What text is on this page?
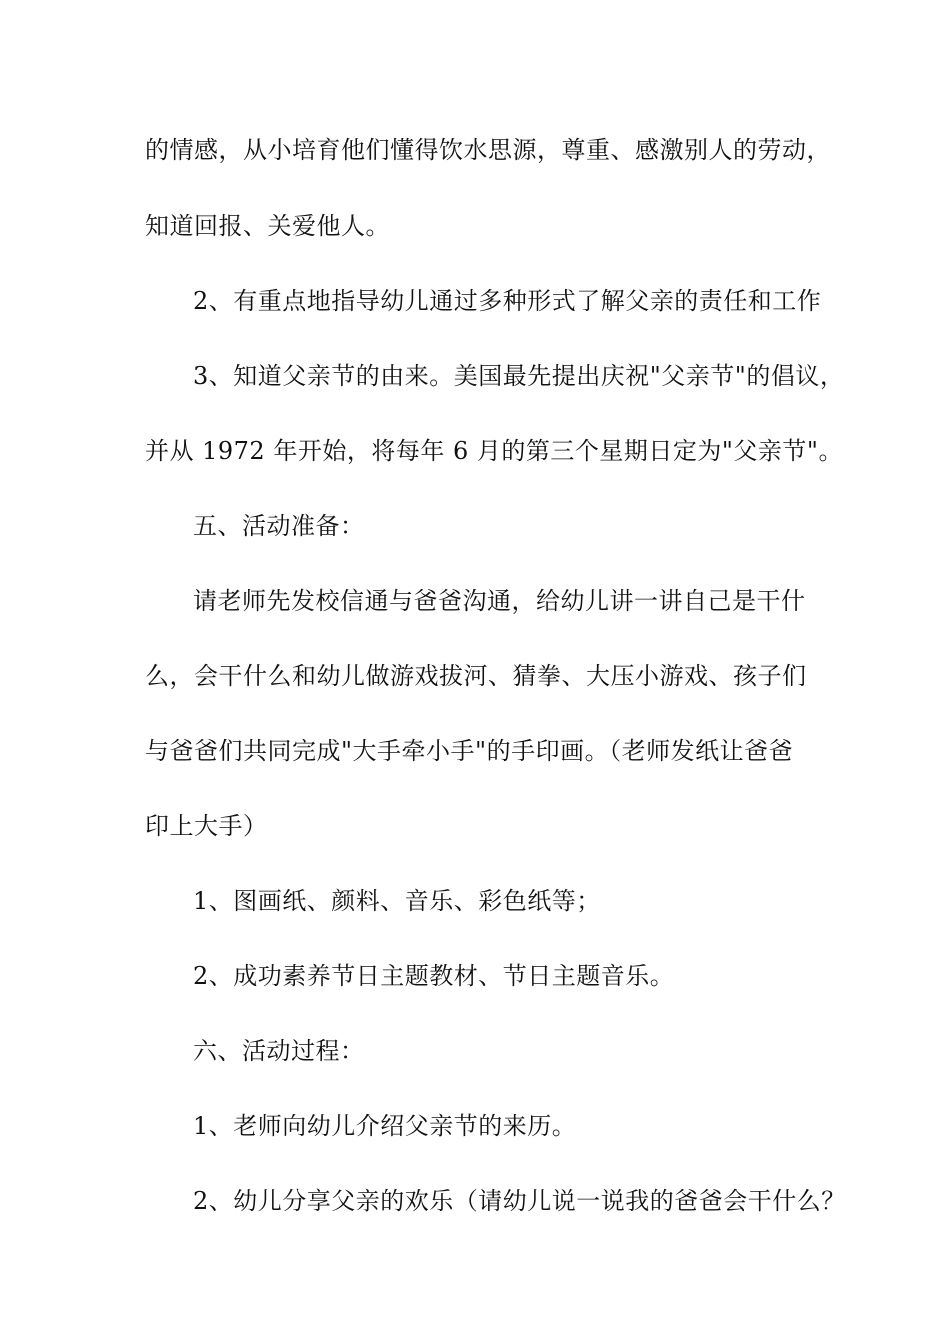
的情感，从小培育他们懂得饮水思源，尊重、感激别人的劳动，
知道回报、关爱他人。
2、有重点地指导幼儿通过多种形式了解父亲的责任和工作
3、知道父亲节的由来。美国最先提出庆祝"父亲节"的倡议，
并从 1972 年开始，将每年 6 月的第三个星期日定为"父亲节"。
五、活动准备：
请老师先发校信通与爸爸沟通，给幼儿讲一讲自己是干什
么，会干什么和幼儿做游戏拔河、猜拳、大压小游戏、孩子们
与爸爸们共同完成"大手牵小手"的手印画。（老师发纸让爸爸
印上大手）
1、图画纸、颜料、音乐、彩色纸等；
2、成功素养节日主题教材、节日主题音乐。
六、活动过程：
1、老师向幼儿介绍父亲节的来历。
2、幼儿分享父亲的欢乐（请幼儿说一说我的爸爸会干什么？
